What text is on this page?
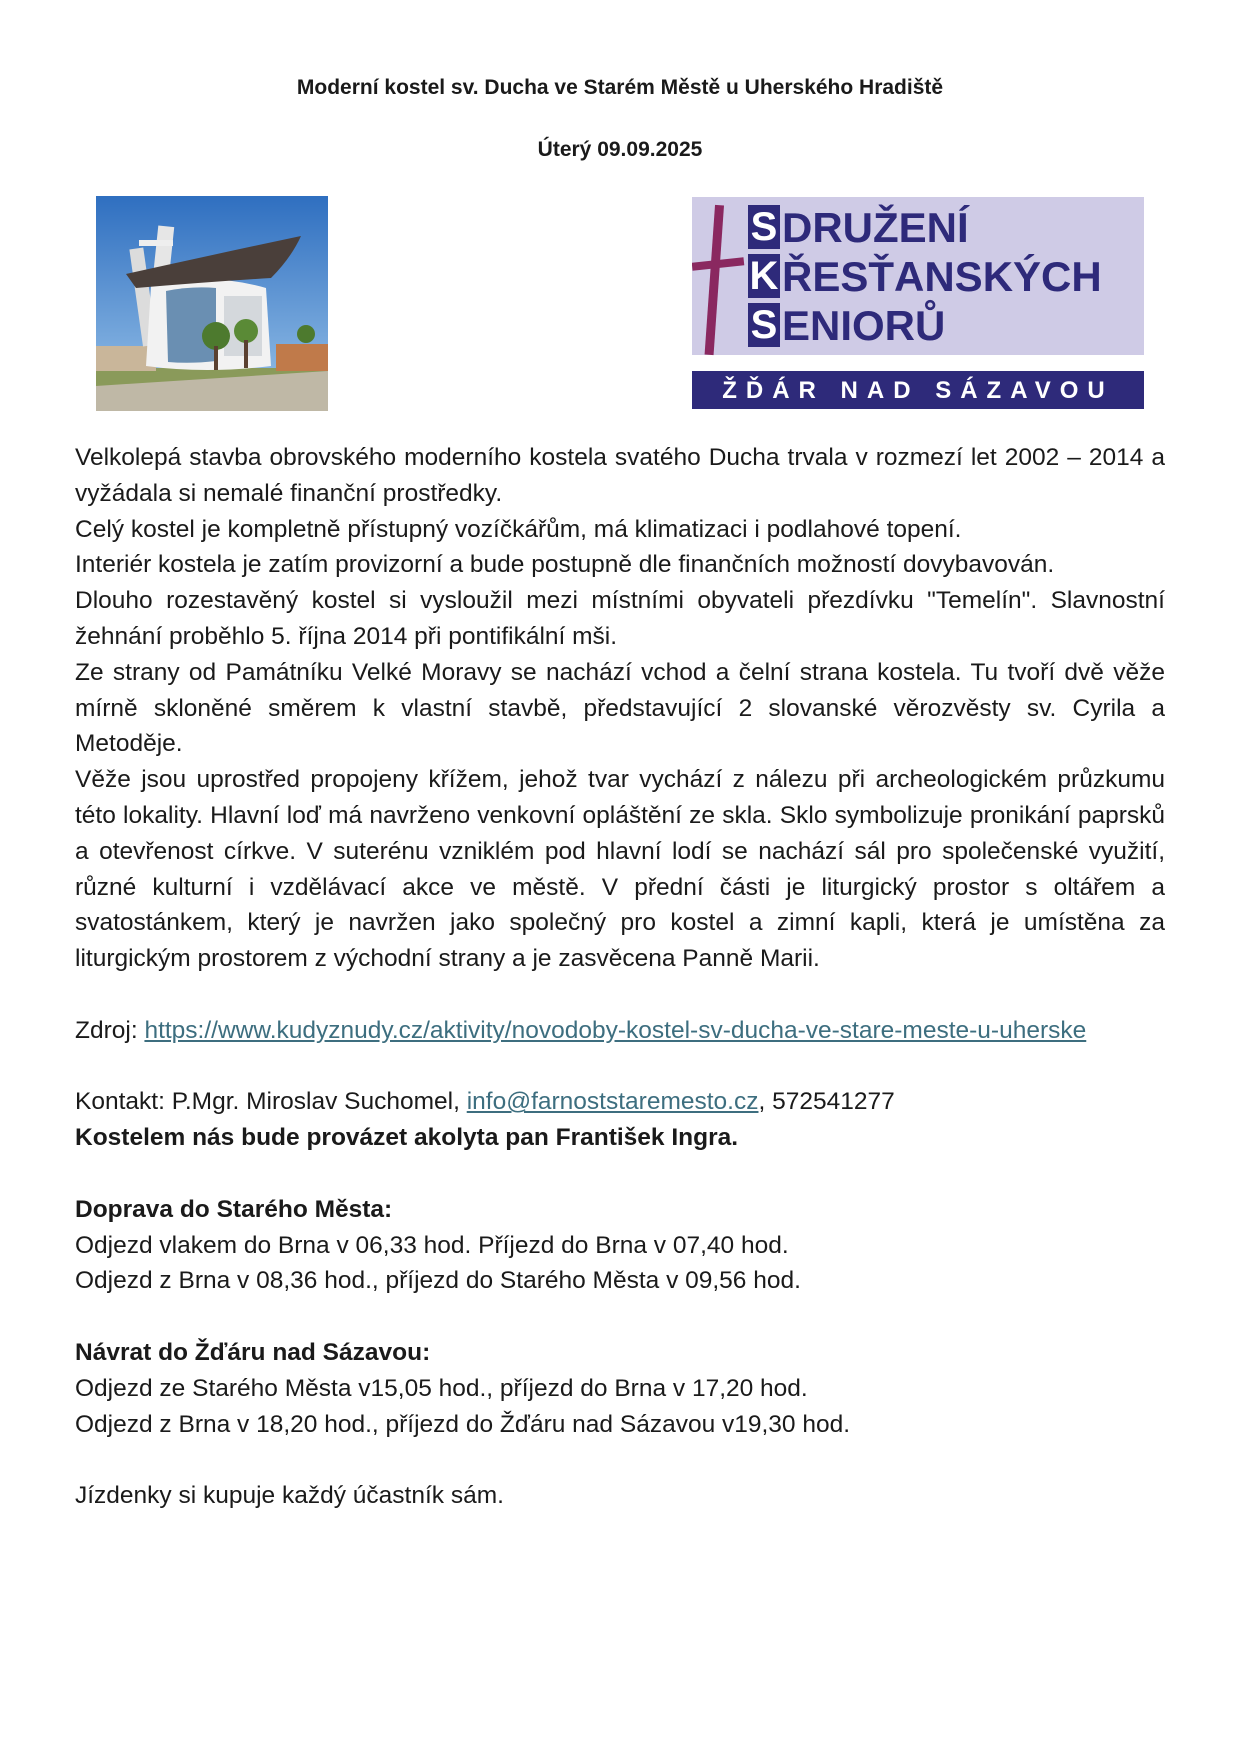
Moderní kostel sv. Ducha ve Starém Městě u Uherského Hradiště
Úterý 09.09.2025
S
K
S
DRUŽENÍ
ŘESŤANSKÝCH
ENIORŮ
ŽĎÁR NAD SÁZAVOU

Velkolepá stavba obrovského moderního kostela svatého Ducha trvala v rozmezí let 2002 – 2014 a vyžádala si nemalé finanční prostředky.

Celý kostel je kompletně přístupný vozíčkářům, má klimatizaci i podlahové topení.

Interiér kostela je zatím provizorní a bude postupně dle finančních možností dovybavován.

Dlouho rozestavěný kostel si vysloužil mezi místními obyvateli přezdívku "Temelín". Slavnostní žehnání proběhlo 5. října 2014 při pontifikální mši.

Ze strany od Památníku Velké Moravy se nachází vchod a čelní strana kostela. Tu tvoří dvě věže mírně skloněné směrem k vlastní stavbě, představující 2 slovanské věrozvěsty sv. Cyrila a Metoděje.

Věže jsou uprostřed propojeny křížem, jehož tvar vychází z nálezu při archeologickém průzkumu této lokality. Hlavní loď má navrženo venkovní opláštění ze skla. Sklo symbolizuje pronikání paprsků a otevřenost církve. V suterénu vzniklém pod hlavní lodí se nachází sál pro společenské využití, různé kulturní i vzdělávací akce ve městě. V přední části je liturgický prostor s oltářem a svatostánkem, který je navržen jako společný pro kostel a zimní kapli, která je umístěna za liturgickým prostorem z východní strany a je zasvěcena Panně Marii.

Zdroj: https://www.kudyznudy.cz/aktivity/novodoby-kostel-sv-ducha-ve-stare-meste-u-uherske

Kontakt: P.Mgr. Miroslav Suchomel, info@farnoststaremesto.cz, 572541277

Kostelem nás bude provázet akolyta pan František Ingra.

Doprava do Starého Města:

Odjezd vlakem do Brna v 06,33 hod. Příjezd do Brna v 07,40 hod.

Odjezd z Brna v 08,36 hod., příjezd do Starého Města v 09,56 hod.

Návrat do Žďáru nad Sázavou:

Odjezd ze Starého Města v15,05 hod., příjezd do Brna v 17,20 hod.

Odjezd z Brna v 18,20 hod., příjezd do Žďáru nad Sázavou v19,30 hod.

Jízdenky si kupuje každý účastník sám.
